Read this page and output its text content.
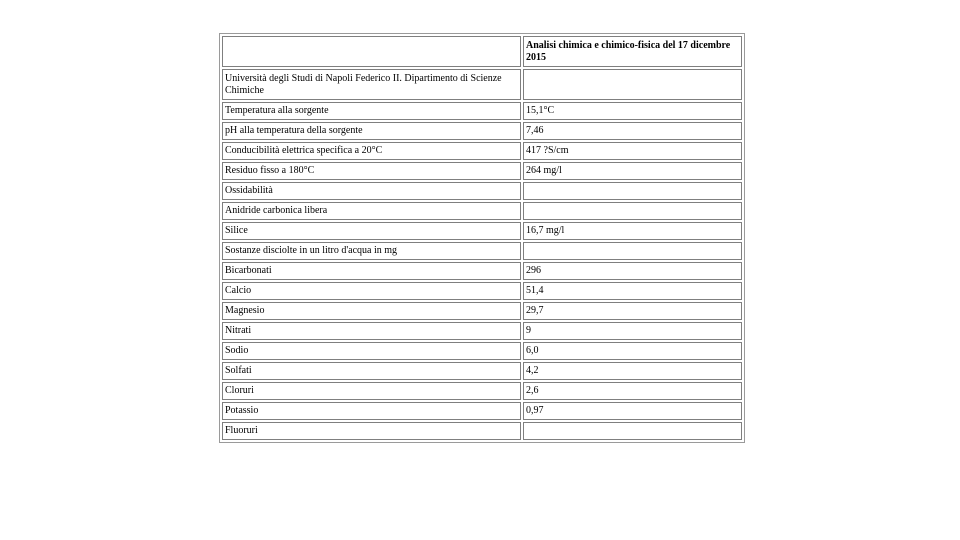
	Analisi chimica e chimico-fisica del 17 dicembre 2015
Università degli Studi di Napoli Federico II. Dipartimento di Scienze Chimiche	
Temperatura alla sorgente	15,1°C
pH alla temperatura della sorgente	7,46
Conducibilità elettrica specifica a 20°C	417 ?S/cm
Residuo fisso a 180°C	264 mg/l
Ossidabilità	
Anidride carbonica libera	
Silice	16,7 mg/l
Sostanze disciolte in un litro d'acqua in mg	
Bicarbonati	296
Calcio	51,4
Magnesio	29,7
Nitrati	9
Sodio	6,0
Solfati	4,2
Cloruri	2,6
Potassio	0,97
Fluoruri	
